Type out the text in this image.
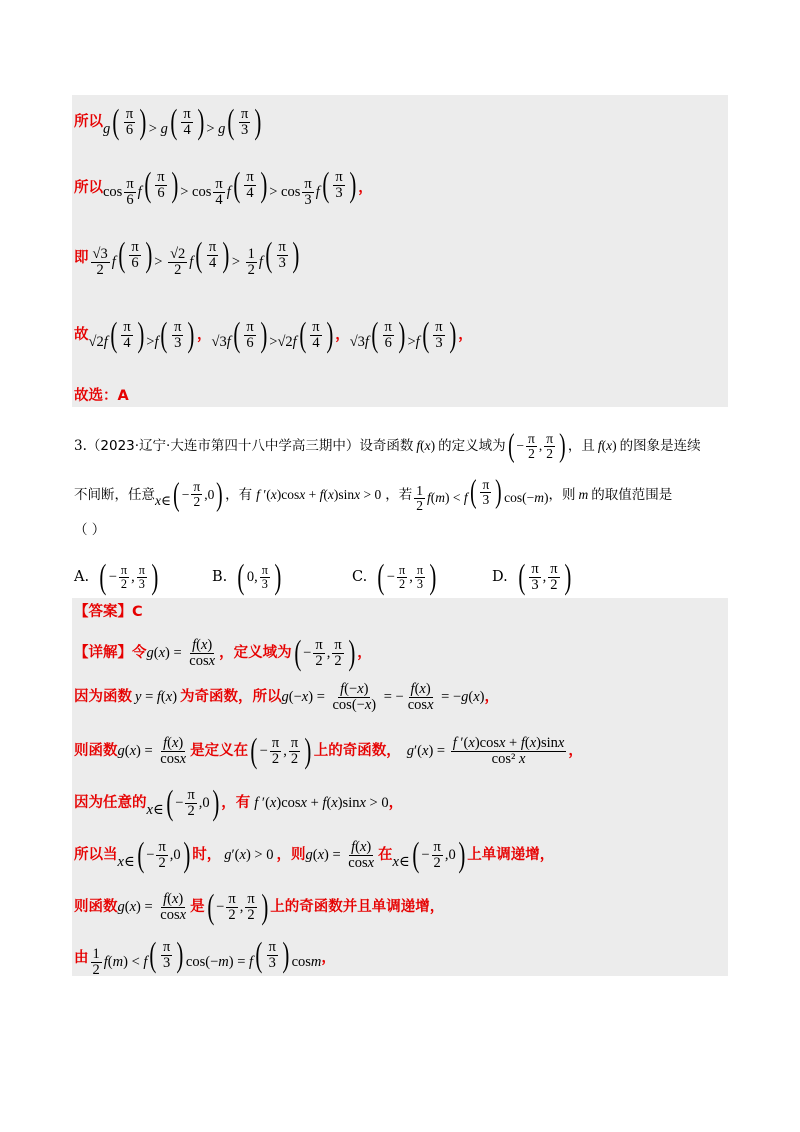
所以 g ( $\frac{\pi}{6}$
) > g ( $\frac{\pi}{4}$
) > g ( $\frac{\pi}{3}$
)
所以 $\cos \frac{\pi}{6}$ f ( $\frac{\pi}{6}$
) > $\cos \frac{\pi}{4}$ f ( $\frac{\pi}{4}$
) > $\cos \frac{\pi}{3}$ f ( $\frac{\pi}{3}$
) ，
即 $\frac{√3}{2}$ f ( $\frac{\pi}{6}$
) > $\frac{√2}{2}$ f ( $\frac{\pi}{4}$
) > $\frac{1}{2}$ f ( $\frac{\pi}{3}$
)
故 √2f ( $\frac{\pi}{4}$
) >f ( $\frac{\pi}{3}$
) ， √3f ( $\frac{\pi}{6}$
) >√2f ( $\frac{\pi}{4}$
) ， √3f ( $\frac{\pi}{6}$
) >f ( $\frac{\pi}{3}$
) ，
故选：A
3. （2023·辽宁·大连市第四十八中学高三期中） 设奇函数 f(x) 的定义域为 ( − $\frac{\pi}{2}$ , $\frac{\pi}{2}$
) ，且 f(x) 的图象是连续
不间断，任意 x∈ ( − $\frac{\pi}{2} ,0$ ) ，有 f ′(x)cosx + f(x)sinx > 0 ，若 $\frac{1}{2} f(m) < f$ ( $\frac{\pi}{3}$
) cos(−m) ，则 m 的取值范围是
（ ）
A.	( − $\frac{\pi}{2}$ , $\frac{\pi}{3}$
)	B.	( 0, $\frac{\pi}{3}$
)	C.	( − $\frac{\pi}{2}$ , $\frac{\pi}{3}$
)	D. ( $\frac{\pi}{3}$ , $\frac{\pi}{2}$
)
【答案】C
【详解】 令 $g(x) = \frac{f(x)}{\cos x}$ ，定义域为 ( − $\frac{\pi}{2}$ , $\frac{\pi}{2}$
) ，
因为函数 y = f(x) 为奇函数，所以 $g(-x) = \frac{f(-x)}{\cos(-x)}$ = − $\frac{f(x)}{\cos x} = -g(x)$ ，
则函数 $g(x) = \frac{f(x)}{\cos x}$ 是定义在 ( − $\frac{\pi}{2}$ , $\frac{\pi}{2}$
) 上的奇函数， $g'(x) = \frac{f '(x)\cos x + f(x)\sin x}{\text{cos² x}}$ ，
因为任意的 x∈ ( − $\frac{\pi}{2} ,0$ ) ，有 f ′(x)cosx + f(x)sinx > 0 ，
所以当 x∈ ( − $\frac{\pi}{2} ,0$ ) 时， g′(x) > 0 ，则 $g(x) = \frac{f(x)}{\cos x}$ 在 x∈ ( − $\frac{\pi}{2} ,0$ ) 上单调递增，
则函数 $g(x) = \frac{f(x)}{\cos x}$ 是 ( − $\frac{\pi}{2}$ , $\frac{\pi}{2}$
) 上的奇函数并且单调递增，
由 $\frac{1}{2} f(m) < f$ ( $\frac{\pi}{3}$
) cos(−m) = f ( $\frac{\pi}{3}$
) cosm ，
